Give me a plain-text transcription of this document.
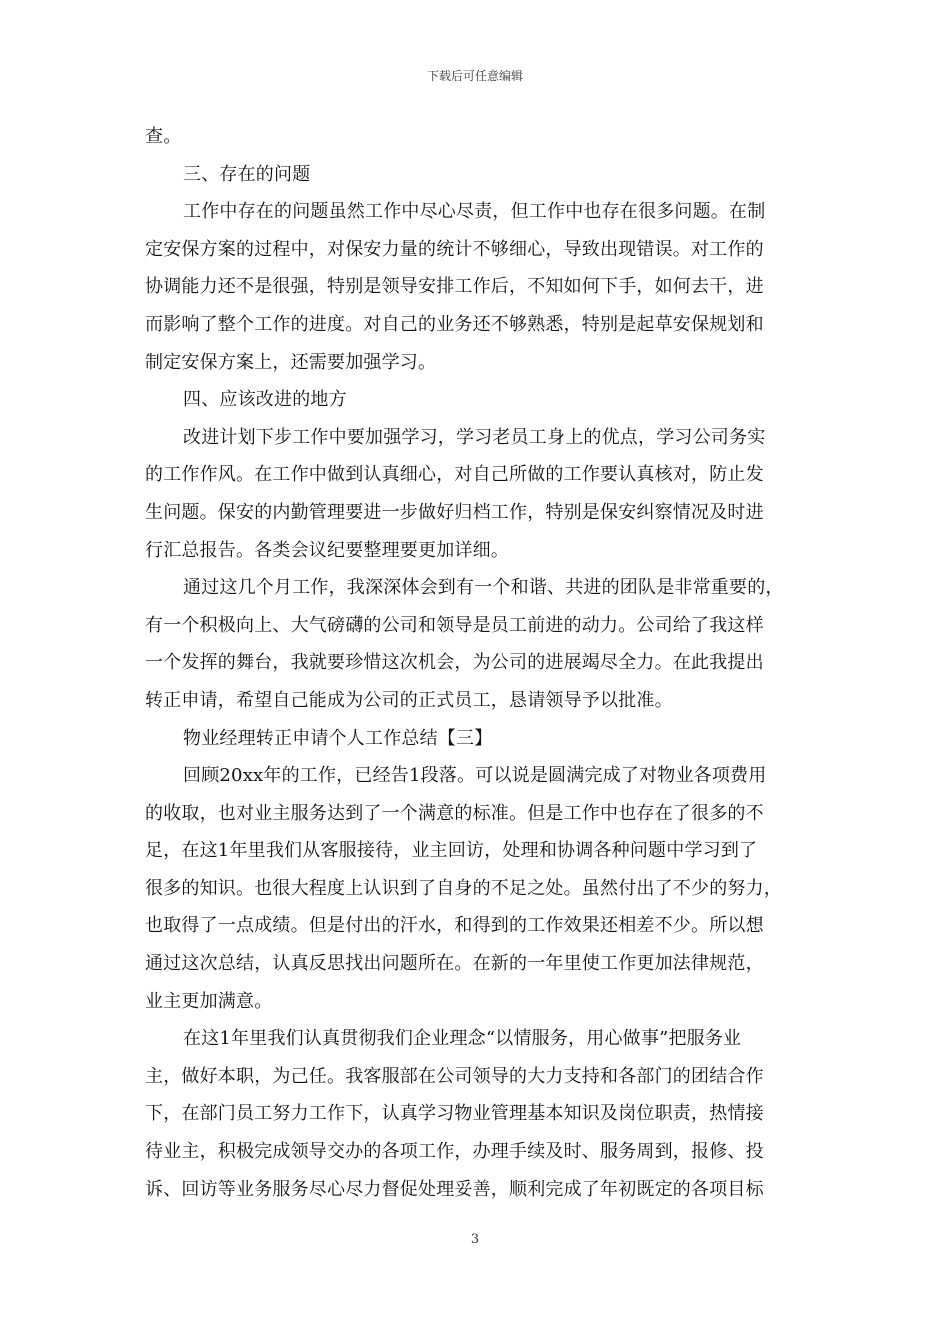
下载后可任意编辑
查。
三、存在的问题
工作中存在的问题虽然工作中尽心尽责，但工作中也存在很多问题。在制
定安保方案的过程中，对保安力量的统计不够细心，导致出现错误。对工作的
协调能力还不是很强，特别是领导安排工作后，不知如何下手，如何去干，进
而影响了整个工作的进度。对自己的业务还不够熟悉，特别是起草安保规划和
制定安保方案上，还需要加强学习。
四、应该改进的地方
改进计划下步工作中要加强学习，学习老员工身上的优点，学习公司务实
的工作作风。在工作中做到认真细心，对自己所做的工作要认真核对，防止发
生问题。保安的内勤管理要进一步做好归档工作，特别是保安纠察情况及时进
行汇总报告。各类会议纪要整理要更加详细。
通过这几个月工作，我深深体会到有一个和谐、共进的团队是非常重要的，
有一个积极向上、大气磅礴的公司和领导是员工前进的动力。公司给了我这样
一个发挥的舞台，我就要珍惜这次机会，为公司的进展竭尽全力。在此我提出
转正申请，希望自己能成为公司的正式员工，恳请领导予以批准。
物业经理转正申请个人工作总结【三】
回顾20xx年的工作，已经告1段落。可以说是圆满完成了对物业各项费用
的收取，也对业主服务达到了一个满意的标准。但是工作中也存在了很多的不
足，在这1年里我们从客服接待，业主回访，处理和协调各种问题中学习到了
很多的知识。也很大程度上认识到了自身的不足之处。虽然付出了不少的努力，
也取得了一点成绩。但是付出的汗水，和得到的工作效果还相差不少。所以想
通过这次总结，认真反思找出问题所在。在新的一年里使工作更加法律规范，
业主更加满意。
在这1年里我们认真贯彻我们企业理念“以情服务，用心做事”把服务业
主，做好本职，为己任。我客服部在公司领导的大力支持和各部门的团结合作
下，在部门员工努力工作下，认真学习物业管理基本知识及岗位职责，热情接
待业主，积极完成领导交办的各项工作，办理手续及时、服务周到，报修、投
诉、回访等业务服务尽心尽力督促处理妥善，顺利完成了年初既定的各项目标
3
